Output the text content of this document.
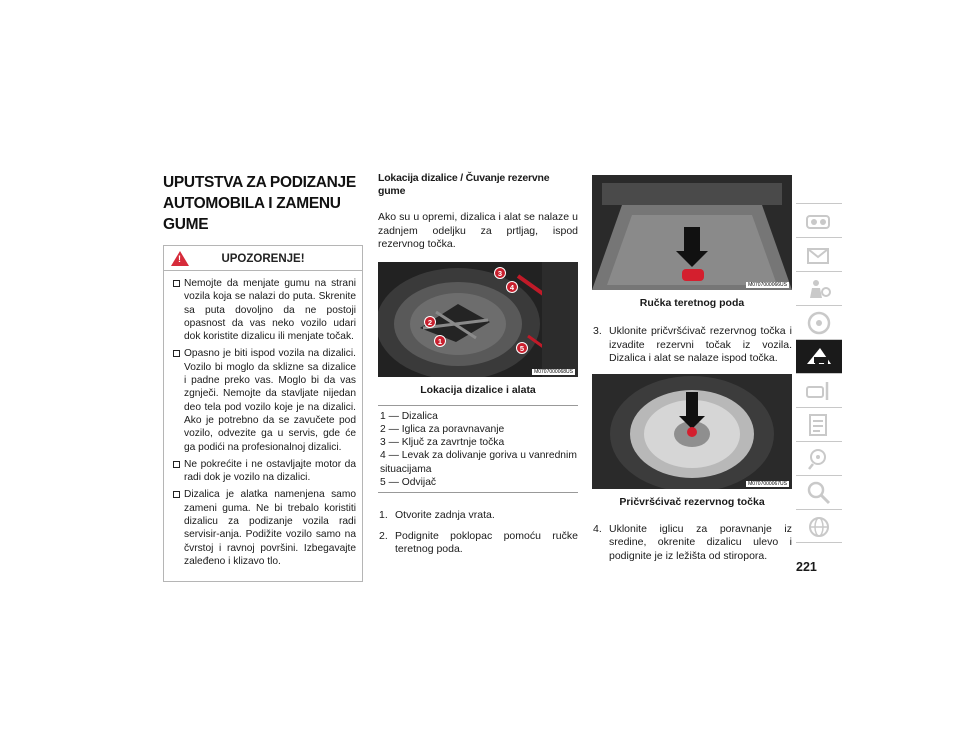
UPUTSTVA ZA PODIZANJE AUTOMOBILA I ZAMENU GUME
!
UPOZORENJE!
Nemojte da menjate gumu na strani vozila koja se nalazi do puta. Skrenite sa puta dovoljno da ne postoji opasnost da vas neko vozilo udari dok koristite dizalicu ili menjate točak.
Opasno je biti ispod vozila na dizalici. Vozilo bi moglo da sklizne sa dizalice i padne preko vas. Moglo bi da vas zgnječi. Nemojte da stavljate nijedan deo tela pod vozilo koje je na dizalici. Ako je potrebno da se zavučete pod vozilo, odvezite ga u servis, gde će ga podići na profesionalnoj dizalici.
Ne pokrećite i ne ostavljajte motor da radi dok je vozilo na dizalici.
Dizalica je alatka namenjena samo zameni guma. Ne bi trebalo koristiti dizalicu za podizanje vozila radi servisir-anja. Podižite vozilo samo na čvrstoj i ravnoj površini. Izbegavajte zaleđeno i klizavo tlo.
Lokacija dizalice / Čuvanje rezervne gume

Ako su u opremi, dizalica i alat se nalaze u zadnjem odeljku za prtljag, ispod rezervnog točka.

3
4
2
1
5
M0707000068US
Lokacija dizalice i alata
1 — Dizalica
2 — Iglica za poravnavanje
3 — Ključ za zavrtnje točka
4 — Levak za dolivanje goriva u vanrednim situacijama
5 — Odvijač
1. Otvorite zadnja vrata.
2. Podignite poklopac pomoću ručke teretnog poda.
M0707000066US
Ručka teretnog poda
3. Uklonite pričvršćivač rezervnog točka i izvadite rezervni točak iz vozila. Dizalica i alat se nalaze ispod točka.
M0707000067US
Pričvršćivač rezervnog točka
4. Uklonite iglicu za poravnanje iz sredine, okrenite dizalicu ulevo i podignite je iz ležišta od stiropora.
221
